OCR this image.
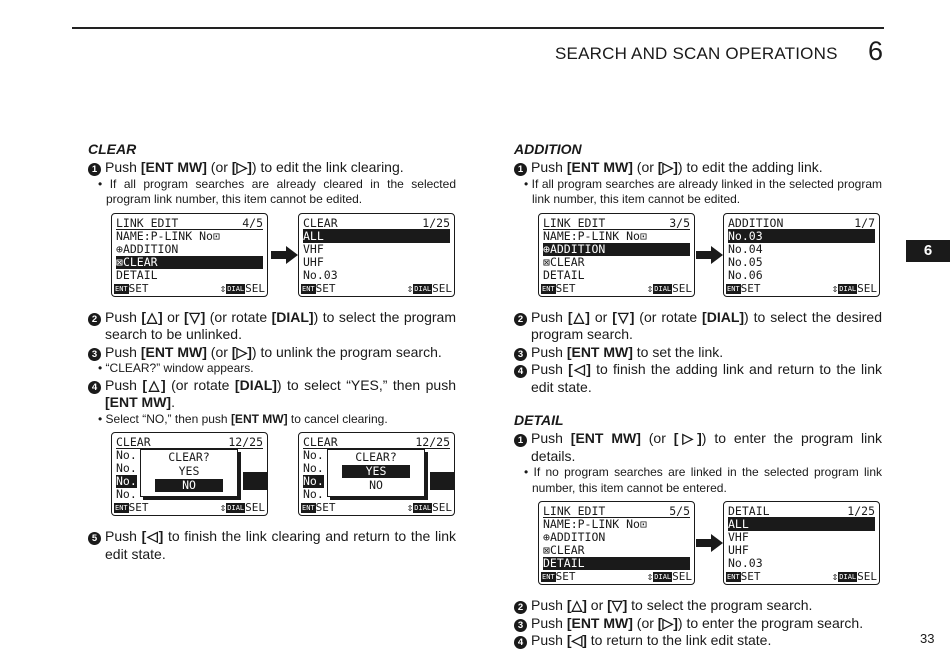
SEARCH AND SCAN OPERATIONS 6
6
33
CLEAR
1 Push [ENT MW] (or [▷]) to edit the link clearing.
• If all program searches are already cleared in the selected program link number, this item cannot be edited.
LINK EDIT	4/5
NAME:P-LINK No⊡
⊕ADDITION
⊠CLEAR
DETAIL
ENTSET	⇕DIALSEL
CLEAR	1/25
ALL
VHF
UHF
No.03
ENTSET	⇕DIALSEL
2 Push [△] or [▽] (or rotate [DIAL]) to select the program search to be unlinked.
3 Push [ENT MW] (or [▷]) to unlink the program search.
• “CLEAR?” window appears.
4 Push [△] (or rotate [DIAL]) to select “YES,” then push [ENT MW].
• Select “NO,” then push [ENT MW] to cancel clearing.
CLEAR	12/25
No.
No.
No.
No.
CLEAR?
YES
NO
ENTSET	⇕DIALSEL
CLEAR	12/25
No.
No.
No.
No.
CLEAR?
YES
NO
ENTSET	⇕DIALSEL
5 Push [◁] to finish the link clearing and return to the link edit state.
ADDITION
1 Push [ENT MW] (or [▷]) to edit the adding link.
• If all program searches are already linked in the selected program link number, this item cannot be edited.
LINK EDIT	3/5
NAME:P-LINK No⊡
⊕ADDITION
⊠CLEAR
DETAIL
ENTSET	⇕DIALSEL
ADDITION	1/7
No.03
No.04
No.05
No.06
ENTSET	⇕DIALSEL
2 Push [△] or [▽] (or rotate [DIAL]) to select the desired program search.
3 Push [ENT MW] to set the link.
4 Push [◁] to finish the adding link and return to the link edit state.
DETAIL
1 Push [ENT MW] (or [▷]) to enter the program link details.
• If no program searches are linked in the selected program link number, this item cannot be entered.
LINK EDIT	5/5
NAME:P-LINK No⊡
⊕ADDITION
⊠CLEAR
DETAIL
ENTSET	⇕DIALSEL
DETAIL	1/25
ALL
VHF
UHF
No.03
ENTSET	⇕DIALSEL
2 Push [△] or [▽] to select the program search.
3 Push [ENT MW] (or [▷]) to enter the program search.
4 Push [◁] to return to the link edit state.
